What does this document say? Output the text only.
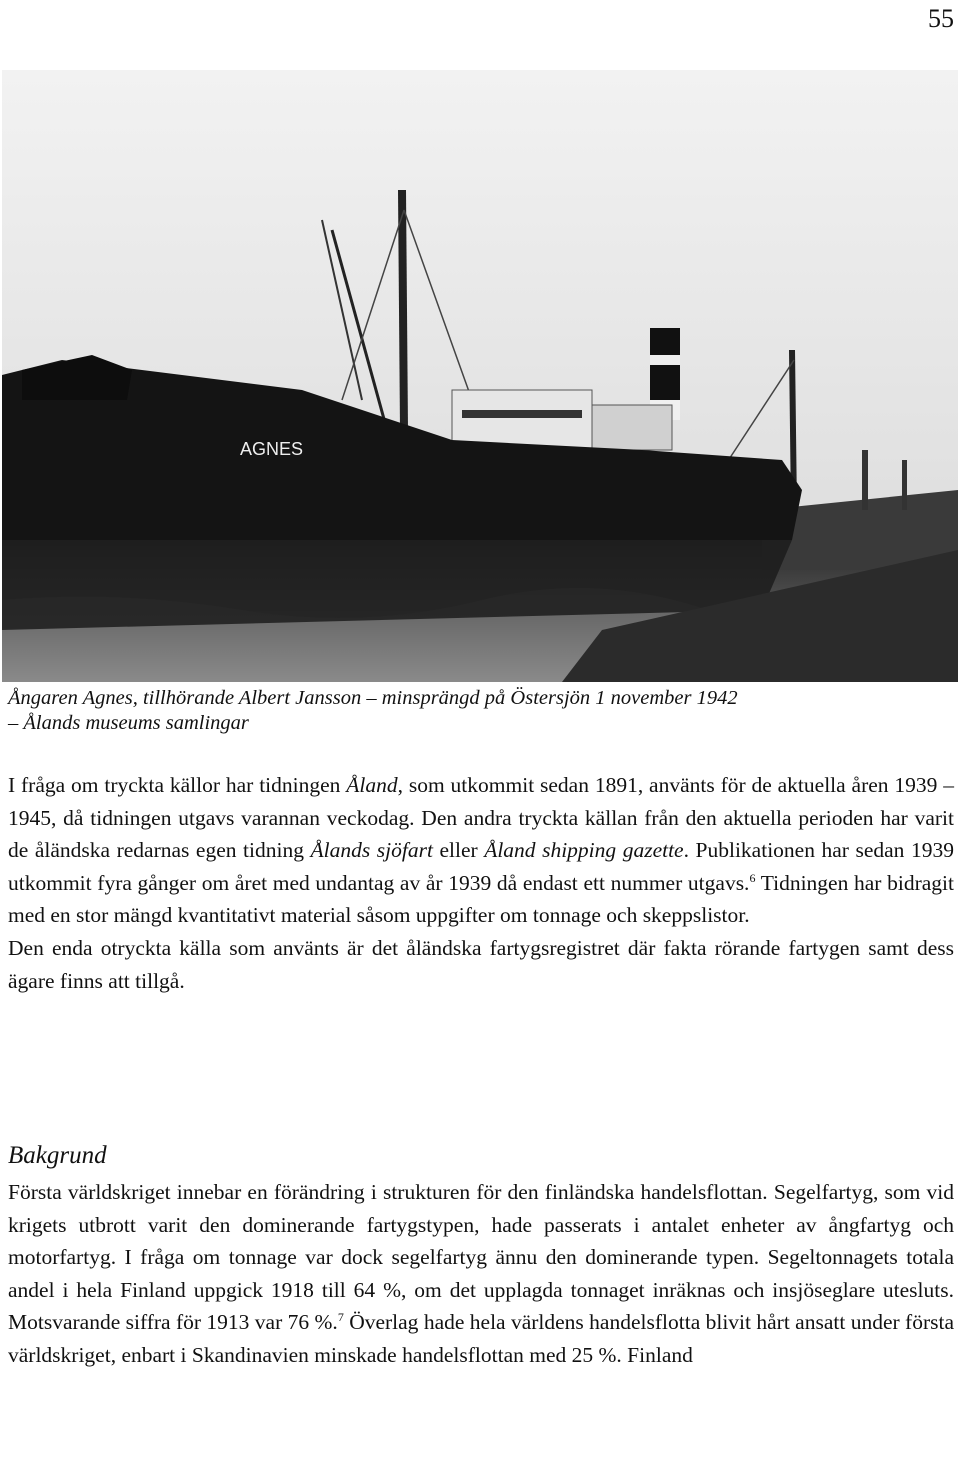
55
AGNES
Ångaren Agnes, tillhörande Albert Jansson – minsprängd på Östersjön 1 november 1942
– Ålands museums samlingar

I fråga om tryckta källor har tidningen Åland, som utkommit sedan 1891, använts för de aktuella åren 1939 – 1945, då tidningen utgavs varannan veckodag. Den andra tryckta källan från den aktuella perioden har varit de åländska redarnas egen tidning Ålands sjöfart eller Åland shipping gazette. Publikationen har sedan 1939 utkommit fyra gånger om året med undantag av år 1939 då endast ett nummer utgavs.$^6$ Tidningen har bidragit med en stor mängd kvantitativt material såsom uppgifter om tonnage och skeppslistor.

Den enda otryckta källa som använts är det åländska fartygsregistret där fakta rörande fartygen samt dess ägare finns att tillgå.

Bakgrund

Första världskriget innebar en förändring i strukturen för den finländska handelsflottan. Segelfartyg, som vid krigets utbrott varit den dominerande fartygstypen, hade passerats i antalet enheter av ångfartyg och motorfartyg. I fråga om tonnage var dock segelfartyg ännu den dominerande typen. Segeltonnagets totala andel i hela Finland uppgick 1918 till 64 %, om det upplagda tonnaget inräknas och insjöseglare utesluts. Motsvarande siffra för 1913 var 76 %.$^7$ Överlag hade hela världens handelsflotta blivit hårt ansatt under första världskriget, enbart i Skandinavien minskade handelsflottan med 25 %. Finland
